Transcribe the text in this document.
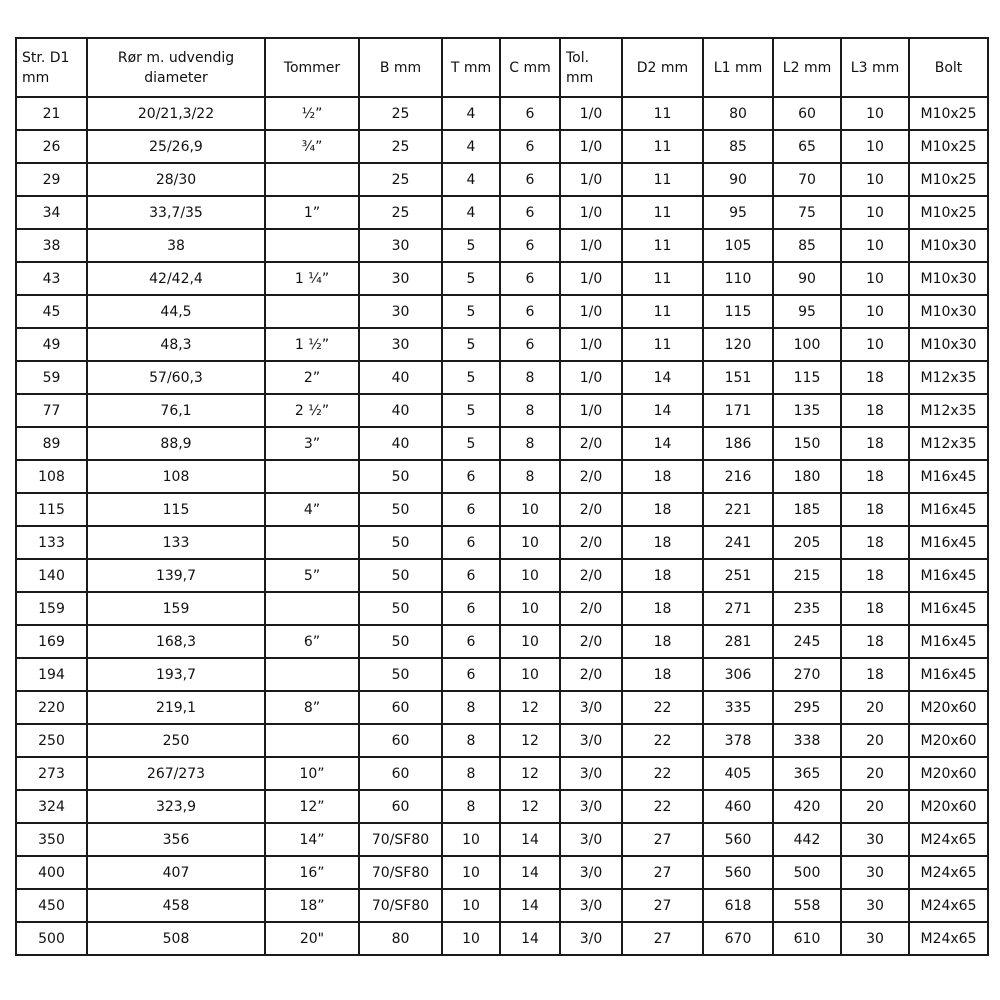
Str. D1 mm	Rør m. udvendig diameter	Tommer	B mm	T mm	C mm	Tol. mm	D2 mm	L1 mm	L2 mm	L3 mm	Bolt
21	20/21,3/22	½”	25	4	6	1/0	11	80	60	10	M10x25
26	25/26,9	¾”	25	4	6	1/0	11	85	65	10	M10x25
29	28/30		25	4	6	1/0	11	90	70	10	M10x25
34	33,7/35	1”	25	4	6	1/0	11	95	75	10	M10x25
38	38		30	5	6	1/0	11	105	85	10	M10x30
43	42/42,4	1 ¼”	30	5	6	1/0	11	110	90	10	M10x30
45	44,5		30	5	6	1/0	11	115	95	10	M10x30
49	48,3	1 ½”	30	5	6	1/0	11	120	100	10	M10x30
59	57/60,3	2”	40	5	8	1/0	14	151	115	18	M12x35
77	76,1	2 ½”	40	5	8	1/0	14	171	135	18	M12x35
89	88,9	3”	40	5	8	2/0	14	186	150	18	M12x35
108	108		50	6	8	2/0	18	216	180	18	M16x45
115	115	4”	50	6	10	2/0	18	221	185	18	M16x45
133	133		50	6	10	2/0	18	241	205	18	M16x45
140	139,7	5”	50	6	10	2/0	18	251	215	18	M16x45
159	159		50	6	10	2/0	18	271	235	18	M16x45
169	168,3	6”	50	6	10	2/0	18	281	245	18	M16x45
194	193,7		50	6	10	2/0	18	306	270	18	M16x45
220	219,1	8”	60	8	12	3/0	22	335	295	20	M20x60
250	250		60	8	12	3/0	22	378	338	20	M20x60
273	267/273	10”	60	8	12	3/0	22	405	365	20	M20x60
324	323,9	12”	60	8	12	3/0	22	460	420	20	M20x60
350	356	14”	70/SF80	10	14	3/0	27	560	442	30	M24x65
400	407	16”	70/SF80	10	14	3/0	27	560	500	30	M24x65
450	458	18”	70/SF80	10	14	3/0	27	618	558	30	M24x65
500	508	20"	80	10	14	3/0	27	670	610	30	M24x65
